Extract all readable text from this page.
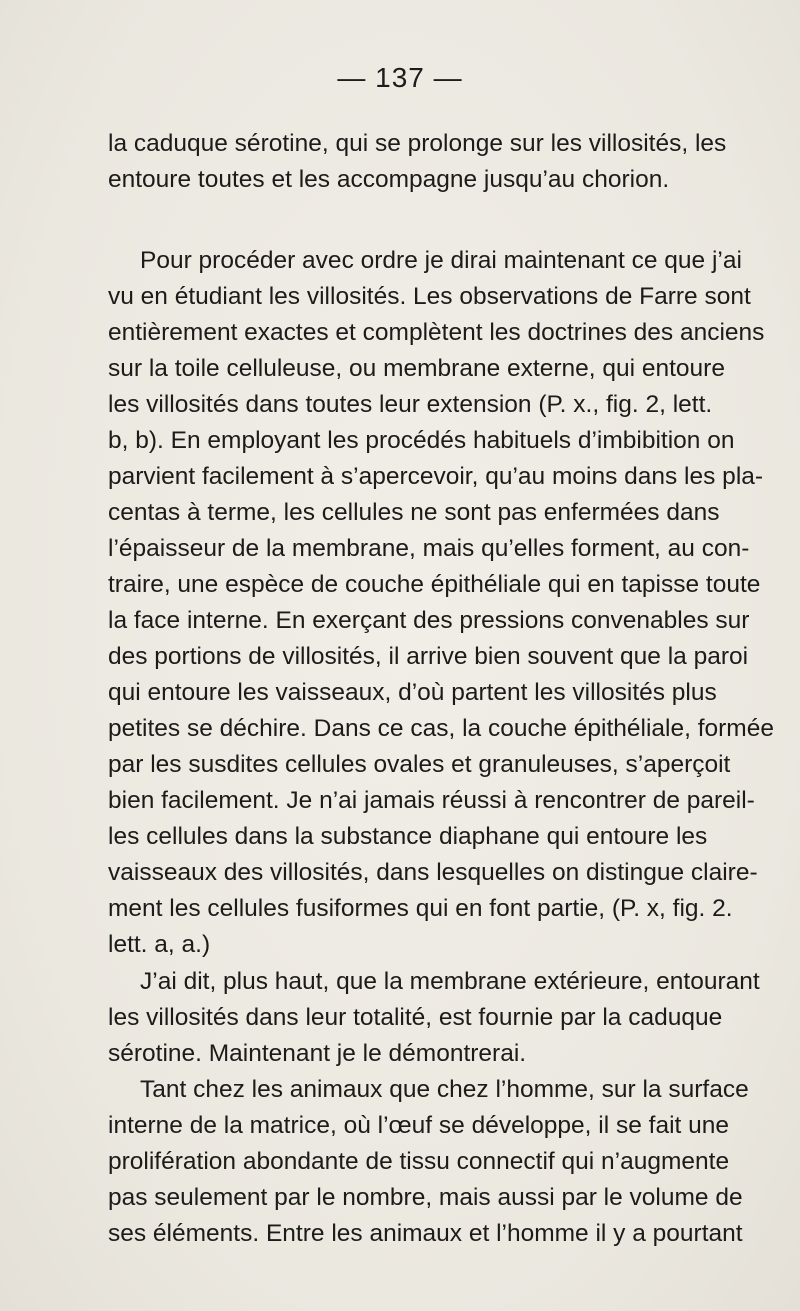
— 137 —
la caduque sérotine, qui se prolonge sur les villosités, les
entoure toutes et les accompagne jusqu’au chorion.
Pour procéder avec ordre je dirai maintenant ce que j’ai
vu en étudiant les villosités. Les observations de Farre sont
entièrement exactes et complètent les doctrines des anciens
sur la toile celluleuse, ou membrane externe, qui entoure
les villosités dans toutes leur extension (P. x., fig. 2, lett.
b, b). En employant les procédés habituels d’imbibition on
parvient facilement à s’apercevoir, qu’au moins dans les pla-
centas à terme, les cellules ne sont pas enfermées dans
l’épaisseur de la membrane, mais qu’elles forment, au con-
traire, une espèce de couche épithéliale qui en tapisse toute
la face interne. En exerçant des pressions convenables sur
des portions de villosités, il arrive bien souvent que la paroi
qui entoure les vaisseaux, d’où partent les villosités plus
petites se déchire. Dans ce cas, la couche épithéliale, formée
par les susdites cellules ovales et granuleuses, s’aperçoit
bien facilement. Je n’ai jamais réussi à rencontrer de pareil-
les cellules dans la substance diaphane qui entoure les
vaisseaux des villosités, dans lesquelles on distingue claire-
ment les cellules fusiformes qui en font partie, (P. x, fig. 2.
lett. a, a.)
J’ai dit, plus haut, que la membrane extérieure, entourant
les villosités dans leur totalité, est fournie par la caduque
sérotine. Maintenant je le démontrerai.
Tant chez les animaux que chez l’homme, sur la surface
interne de la matrice, où l’œuf se développe, il se fait une
prolifération abondante de tissu connectif qui n’augmente
pas seulement par le nombre, mais aussi par le volume de
ses éléments. Entre les animaux et l’homme il y a pourtant
